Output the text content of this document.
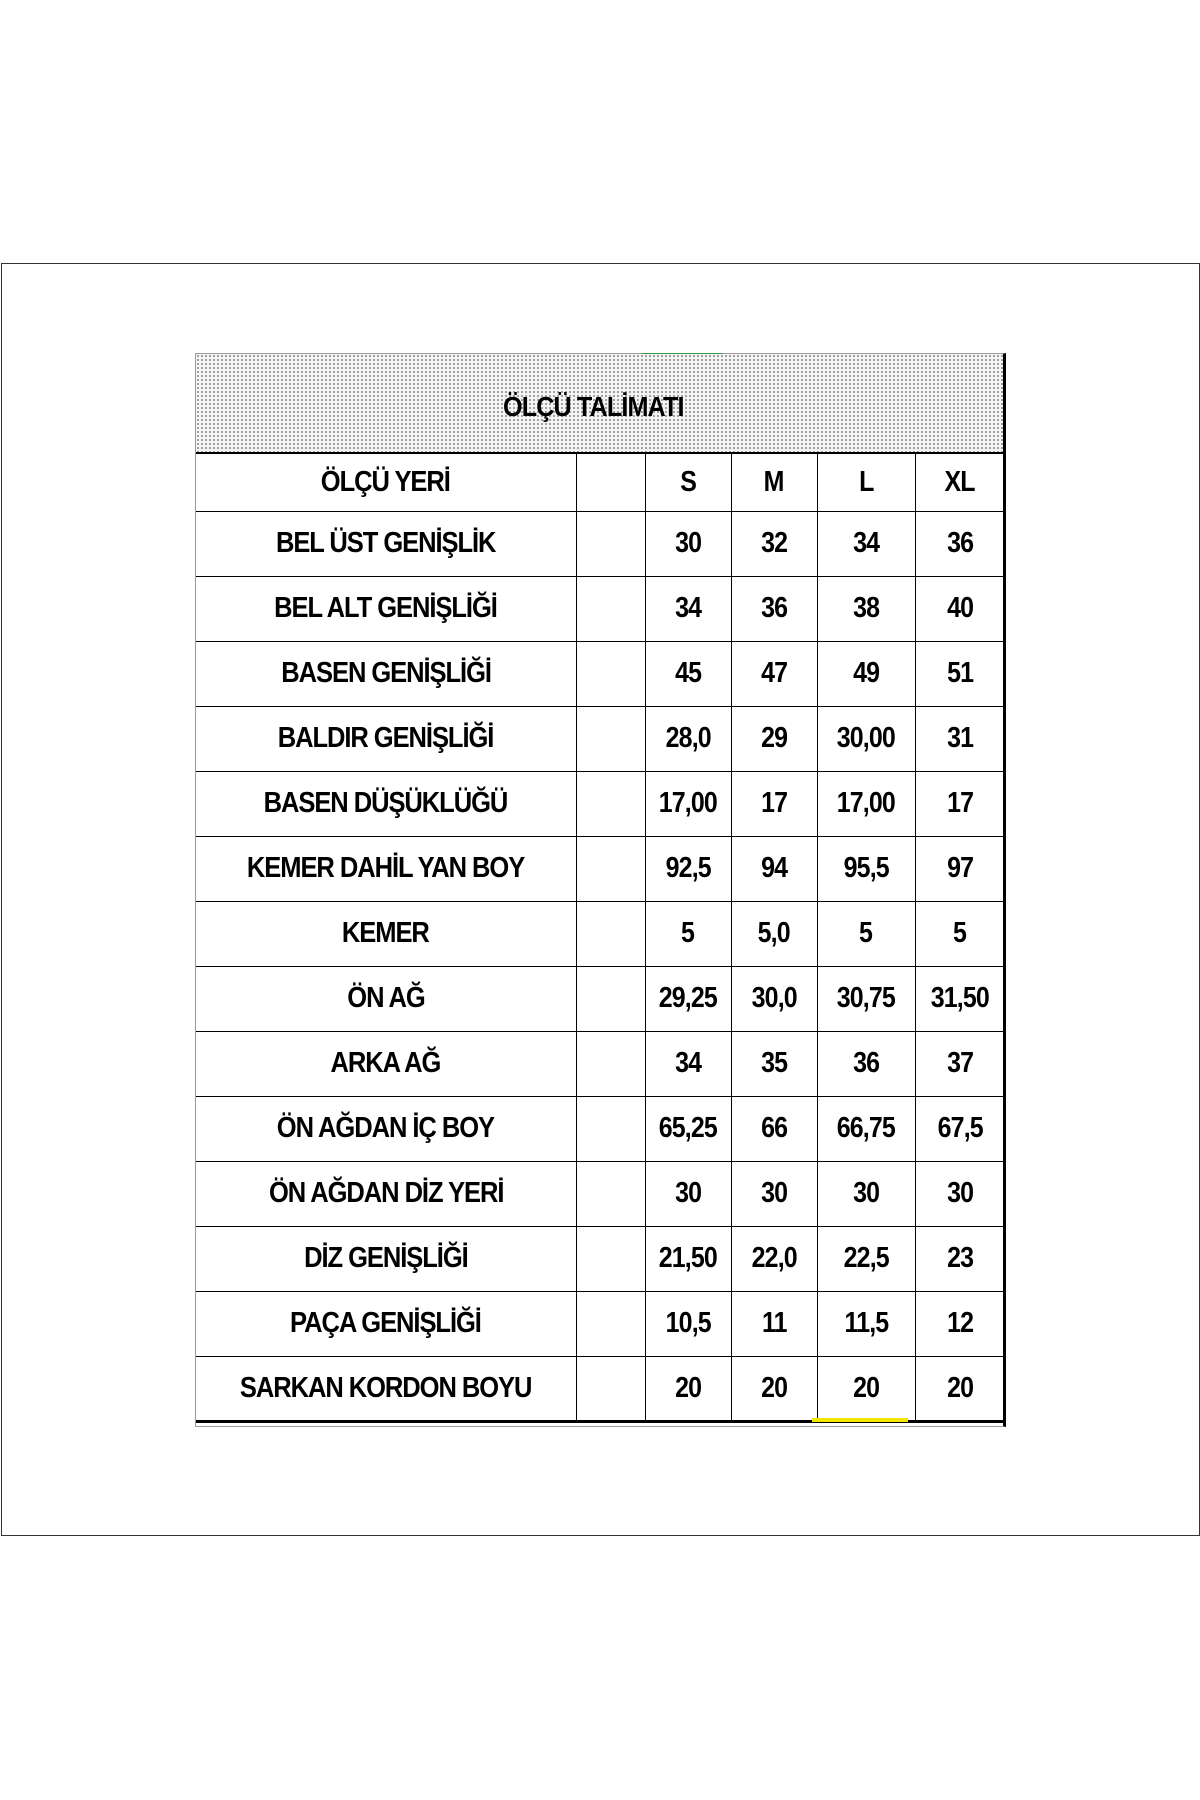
ÖLÇÜ TALİMATI
ÖLÇÜ YERİ		S	M	L	XL
BEL ÜST GENİŞLİK		30	32	34	36
BEL ALT GENİŞLİĞİ		34	36	38	40
BASEN GENİŞLİĞİ		45	47	49	51
BALDIR GENİŞLİĞİ		28,0	29	30,00	31
BASEN DÜŞÜKLÜĞÜ		17,00	17	17,00	17
KEMER DAHİL YAN BOY		92,5	94	95,5	97
KEMER		5	5,0	5	5
ÖN AĞ		29,25	30,0	30,75	31,50
ARKA AĞ		34	35	36	37
ÖN AĞDAN İÇ BOY		65,25	66	66,75	67,5
ÖN AĞDAN DİZ YERİ		30	30	30	30
DİZ GENİŞLİĞİ		21,50	22,0	22,5	23
PAÇA GENİŞLİĞİ		10,5	11	11,5	12
SARKAN KORDON BOYU		20	20	20	20
